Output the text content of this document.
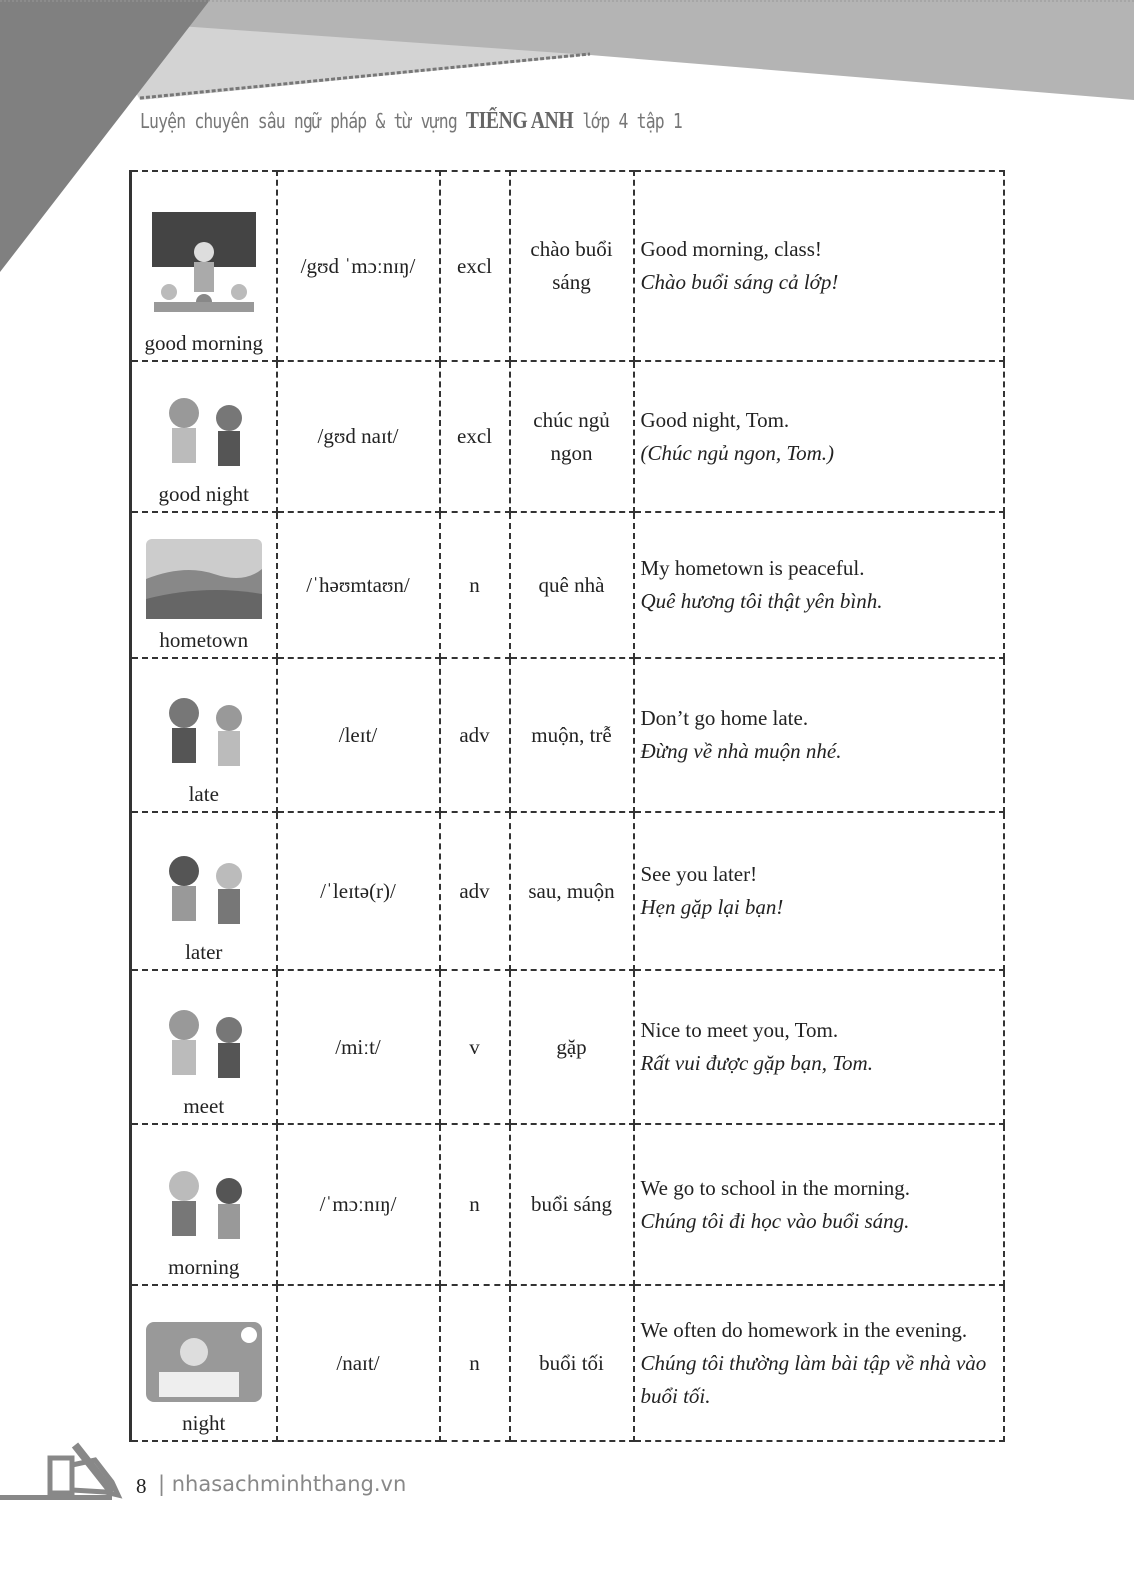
Luyện chuyên sâu ngữ pháp & từ vựng TIẾNG ANH lớp 4 tập 1
good morning	/gʊd ˈmɔːnɪŋ/	excl	chào buổi sáng	Good morning, class!
Chào buổi sáng cả lớp!

good night	/gʊd naɪt/	excl	chúc ngủ ngon	Good night, Tom.
(Chúc ngủ ngon, Tom.)

hometown	/ˈhəʊmtaʊn/	n	quê nhà	My hometown is peaceful.
Quê hương tôi thật yên bình.

late	/leɪt/	adv	muộn, trễ	Don’t go home late.
Đừng về nhà muộn nhé.

later	/ˈleɪtə(r)/	adv	sau, muộn	See you later!
Hẹn gặp lại bạn!

meet	/miːt/	v	gặp	Nice to meet you, Tom.
Rất vui được gặp bạn, Tom.

morning	/ˈmɔːnɪŋ/	n	buổi sáng	We go to school in the morning.
Chúng tôi đi học vào buổi sáng.

night	/naɪt/	n	buổi tối	We often do homework in the evening.
Chúng tôi thường làm bài tập về nhà vào buổi tối.
8 | nhasachminhthang.vn
